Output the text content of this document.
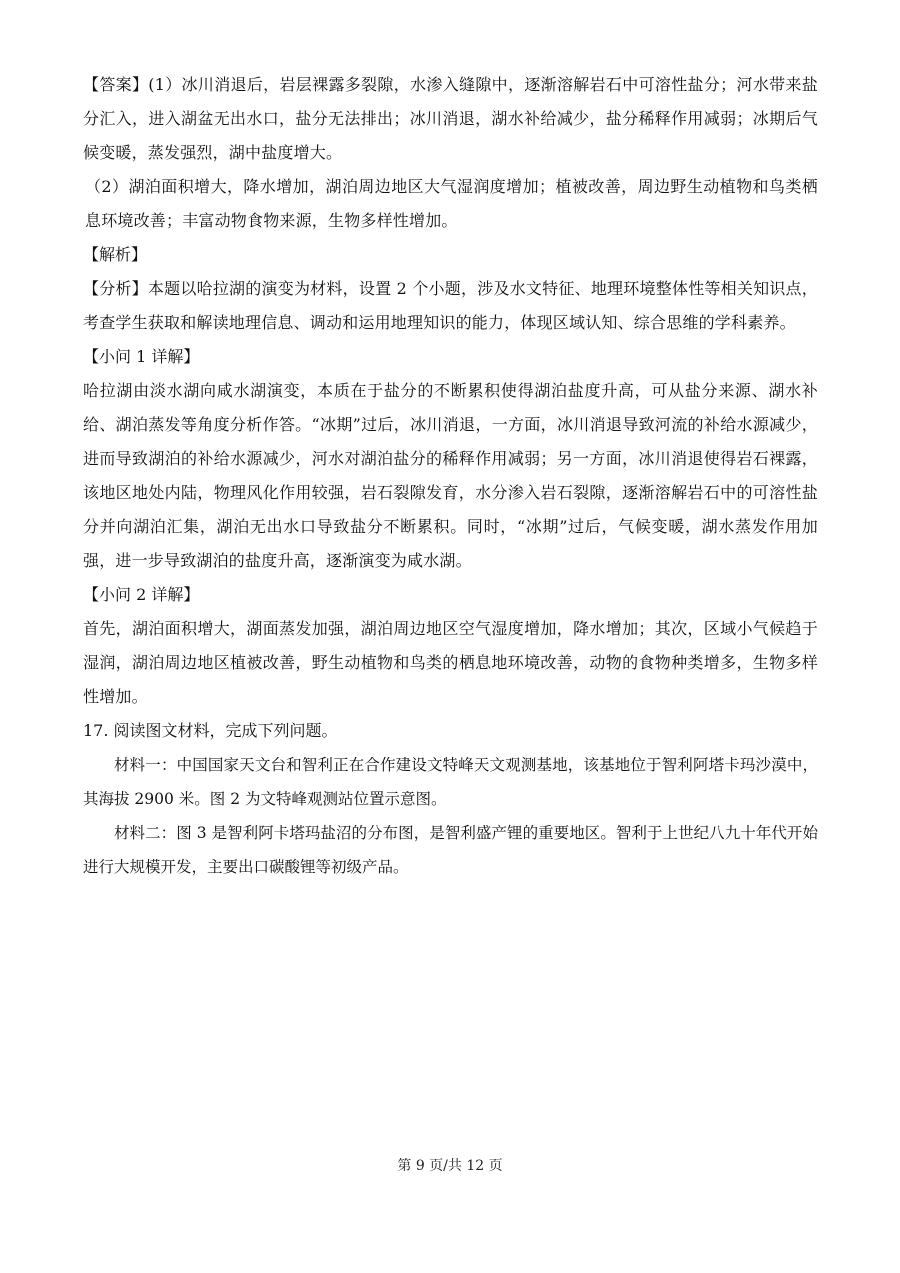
【答案】(1）冰川消退后，岩层裸露多裂隙，水渗入缝隙中，逐渐溶解岩石中可溶性盐分；河水带来盐分汇入，进入湖盆无出水口，盐分无法排出；冰川消退，湖水补给减少，盐分稀释作用减弱；冰期后气候变暖，蒸发强烈，湖中盐度增大。

（2）湖泊面积增大，降水增加，湖泊周边地区大气湿润度增加；植被改善，周边野生动植物和鸟类栖息环境改善；丰富动物食物来源，生物多样性增加。

【解析】

【分析】本题以哈拉湖的演变为材料，设置 2 个小题，涉及水文特征、地理环境整体性等相关知识点，考查学生获取和解读地理信息、调动和运用地理知识的能力，体现区域认知、综合思维的学科素养。

【小问 1 详解】

哈拉湖由淡水湖向咸水湖演变，本质在于盐分的不断累积使得湖泊盐度升高，可从盐分来源、湖水补给、湖泊蒸发等角度分析作答。“冰期”过后，冰川消退，一方面，冰川消退导致河流的补给水源减少，进而导致湖泊的补给水源减少，河水对湖泊盐分的稀释作用减弱；另一方面，冰川消退使得岩石裸露，该地区地处内陆，物理风化作用较强，岩石裂隙发育，水分渗入岩石裂隙，逐渐溶解岩石中的可溶性盐分并向湖泊汇集，湖泊无出水口导致盐分不断累积。同时，“冰期”过后，气候变暖，湖水蒸发作用加强，进一步导致湖泊的盐度升高，逐渐演变为咸水湖。

【小问 2 详解】

首先，湖泊面积增大，湖面蒸发加强，湖泊周边地区空气湿度增加，降水增加；其次，区域小气候趋于湿润，湖泊周边地区植被改善，野生动植物和鸟类的栖息地环境改善，动物的食物种类增多，生物多样性增加。

17. 阅读图文材料，完成下列问题。

材料一：中国国家天文台和智利正在合作建设文特峰天文观测基地，该基地位于智利阿塔卡玛沙漠中，其海拔 2900 米。图 2 为文特峰观测站位置示意图。

材料二：图 3 是智利阿卡塔玛盐沼的分布图，是智利盛产锂的重要地区。智利于上世纪八九十年代开始进行大规模开发，主要出口碳酸锂等初级产品。

第 9 页/共 12 页
